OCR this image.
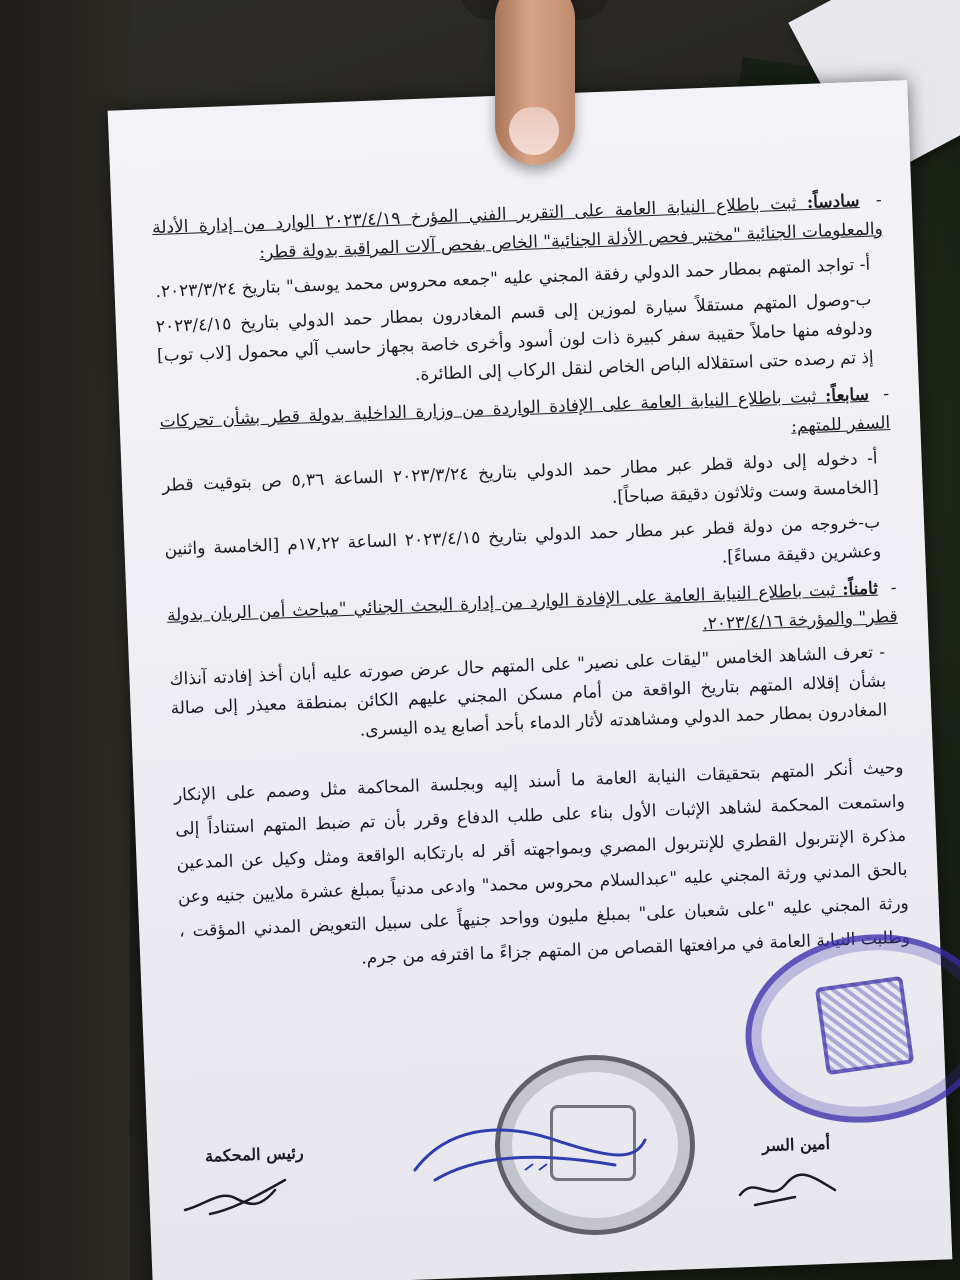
- سادساً: ثبت باطلاع النيابة العامة على التقرير الفني المؤرخ ٢٠٢٣/٤/١٩ الوارد من إدارة الأدلة والمعلومات الجنائية "مختبر فحص الأدلة الجنائية" الخاص بفحص آلات المراقبة بدولة قطر:
أ- تواجد المتهم بمطار حمد الدولي رفقة المجني عليه "جمعه محروس محمد يوسف" بتاريخ ٢٠٢٣/٣/٢٤.
ب-وصول المتهم مستقلاً سيارة لموزين إلى قسم المغادرون بمطار حمد الدولي بتاريخ ٢٠٢٣/٤/١٥ ودلوفه منها حاملاً حقيبة سفر كبيرة ذات لون أسود وأخرى خاصة بجهاز حاسب آلي محمول [لاب توب] إذ تم رصده حتى استقلاله الباص الخاص لنقل الركاب إلى الطائرة.
- سابعاً: ثبت باطلاع النيابة العامة على الإفادة الواردة من وزارة الداخلية بدولة قطر بشأن تحركات السفر للمتهم:
أ- دخوله إلى دولة قطر عبر مطار حمد الدولي بتاريخ ٢٠٢٣/٣/٢٤ الساعة ٥,٣٦ ص بتوقيت قطر [الخامسة وست وثلاثون دقيقة صباحاً].
ب-خروجه من دولة قطر عبر مطار حمد الدولي بتاريخ ٢٠٢٣/٤/١٥ الساعة ١٧,٢٢م [الخامسة واثنين وعشرين دقيقة مساءً].
- ثامناً: ثبت باطلاع النيابة العامة على الإفادة الوارد من إدارة البحث الجنائي "مباحث أمن الريان بدولة قطر" والمؤرخة ٢٠٢٣/٤/١٦.
- تعرف الشاهد الخامس "ليقات على نصير" على المتهم حال عرض صورته عليه أبان أخذ إفادته آنذاك بشأن إقلاله المتهم بتاريخ الواقعة من أمام مسكن المجني عليهم الكائن بمنطقة معيذر إلى صالة المغادرون بمطار حمد الدولي ومشاهدته لأثار الدماء بأحد أصابع يده اليسرى.
وحيث أنكر المتهم بتحقيقات النيابة العامة ما أسند إليه وبجلسة المحاكمة مثل وصمم على الإنكار واستمعت المحكمة لشاهد الإثبات الأول بناء على طلب الدفاع وقرر بأن تم ضبط المتهم استناداً إلى مذكرة الإنتربول القطري للإنتربول المصري وبمواجهته أقر له بارتكابه الواقعة ومثل وكيل عن المدعين بالحق المدني ورثة المجني عليه "عبدالسلام محروس محمد" وادعى مدنياً بمبلغ عشرة ملايين جنيه وعن ورثة المجني عليه "على شعبان على" بمبلغ مليون وواحد جنيهاً على سبيل التعويض المدني المؤقت ، وطلبت النيابة العامة في مرافعتها القصاص من المتهم جزاءً ما اقترفه من جرم.
رئيس المحكمة	أمين السر
